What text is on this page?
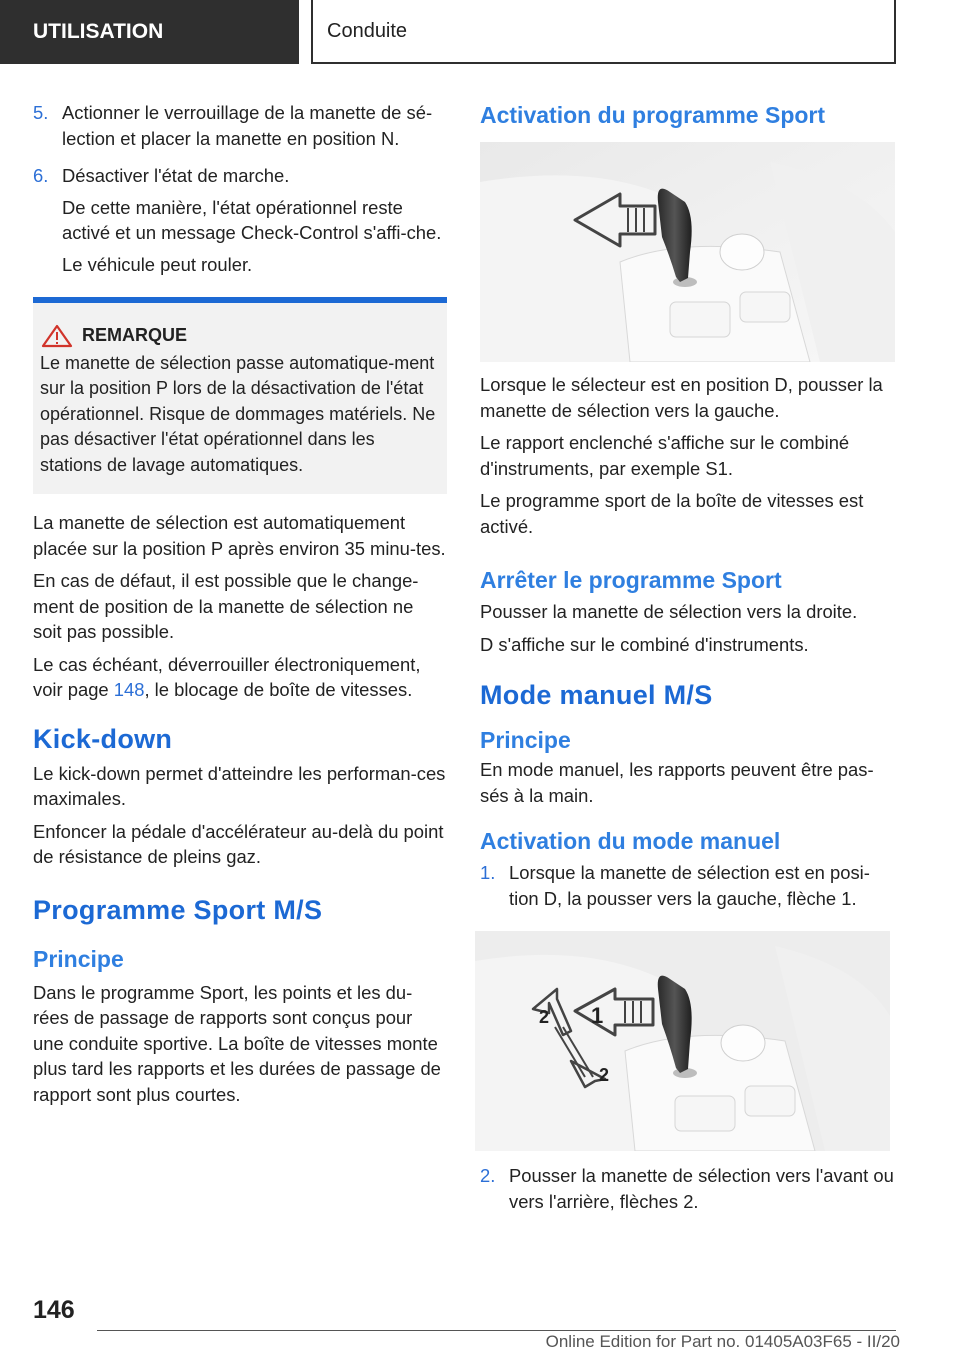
UTILISATION	Conduite
5. Actionner le verrouillage de la manette de sé-lection et placer la manette en position N.

6. Désactiver l'état de marche.

De cette manière, l'état opérationnel reste activé et un message Check-Control s'affi-che.

Le véhicule peut rouler.

REMARQUE
Le manette de sélection passe automatique-ment sur la position P lors de la désactivation de l'état opérationnel. Risque de dommages matériels. Ne pas désactiver l'état opérationnel dans les stations de lavage automatiques.

La manette de sélection est automatiquement placée sur la position P après environ 35 minu-tes.

En cas de défaut, il est possible que le change-ment de position de la manette de sélection ne soit pas possible.

Le cas échéant, déverrouiller électroniquement, voir page 148, le blocage de boîte de vitesses.

Kick-down

Le kick-down permet d'atteindre les performan-ces maximales.

Enfoncer la pédale d'accélérateur au-delà du point de résistance de pleins gaz.

Programme Sport M/S
Principe

Dans le programme Sport, les points et les du-rées de passage de rapports sont conçus pour une conduite sportive. La boîte de vitesses monte plus tard les rapports et les durées de passage de rapport sont plus courtes.

Activation du programme Sport

Lorsque le sélecteur est en position D, pousser la manette de sélection vers la gauche.

Le rapport enclenché s'affiche sur le combiné d'instruments, par exemple S1.

Le programme sport de la boîte de vitesses est activé.

Arrêter le programme Sport

Pousser la manette de sélection vers la droite.

D s'affiche sur le combiné d'instruments.

Mode manuel M/S
Principe

En mode manuel, les rapports peuvent être pas-sés à la main.

Activation du mode manuel
1. Lorsque la manette de sélection est en posi-tion D, la pousser vers la gauche, flèche 1.

1
2
2
2. Pousser la manette de sélection vers l'avant ou vers l'arrière, flèches 2.

146
Online Edition for Part no. 01405A03F65 - II/20
